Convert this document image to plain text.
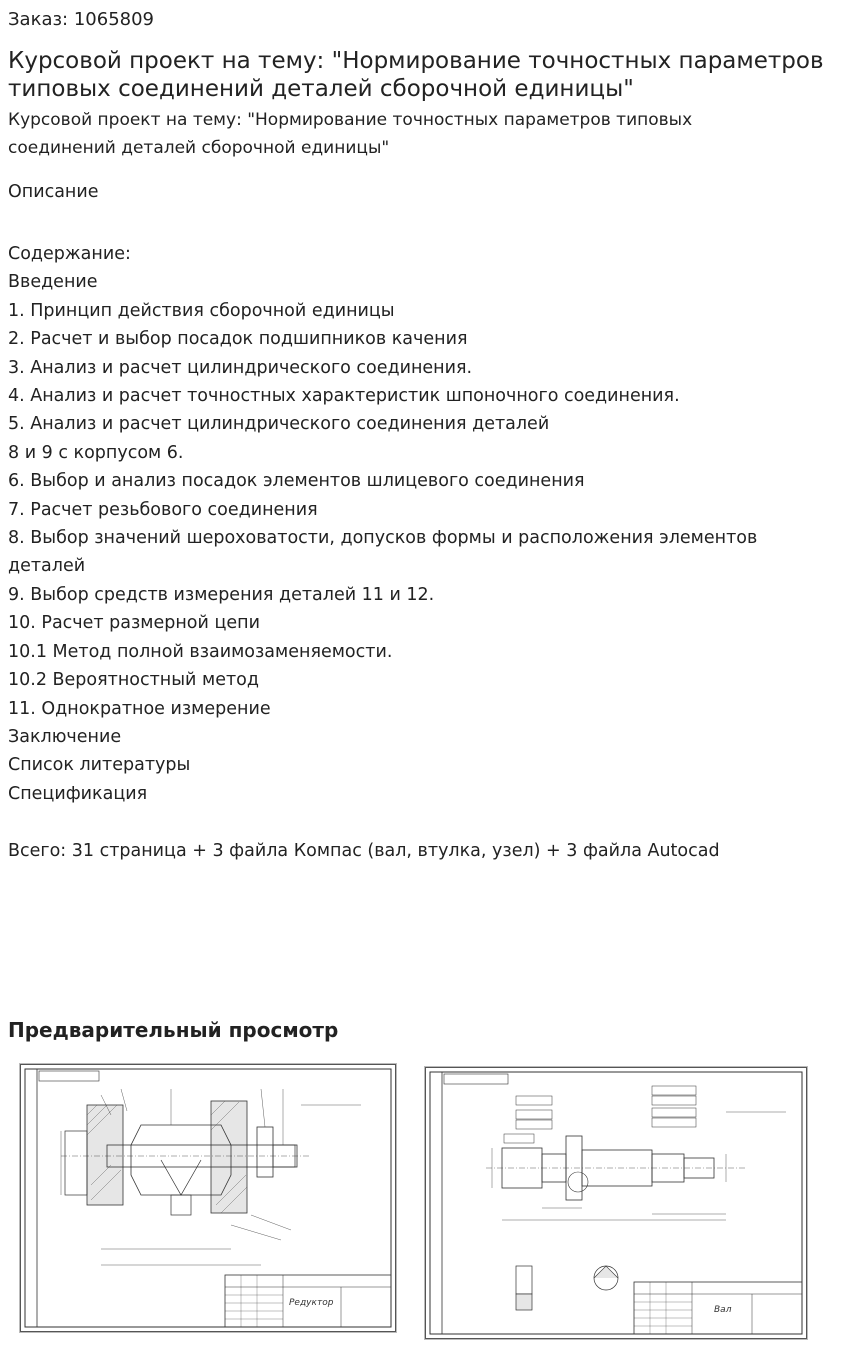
Заказ: 1065809
Курсовой проект на тему: "Нормирование точностных параметров типовых соединений деталей сборочной единицы"
Курсовой проект на тему: "Нормирование точностных параметров типовых
соединений деталей сборочной единицы"
Описание
Содержание:
Введение
1. Принцип действия сборочной единицы
2. Расчет и выбор посадок подшипников качения
3. Анализ и расчет цилиндрического соединения.
4. Анализ и расчет точностных характеристик шпоночного соединения.
5. Анализ и расчет цилиндрического соединения деталей
8 и 9 с корпусом 6.
6. Выбор и анализ посадок элементов шлицевого соединения
7. Расчет резьбового соединения
8. Выбор значений шероховатости, допусков формы и расположения элементов
деталей
9. Выбор средств измерения деталей 11 и 12.
10. Расчет размерной цепи
10.1 Метод полной взаимозаменяемости.
10.2 Вероятностный метод
11. Однократное измерение
Заключение
Список литературы
Спецификация
Всего: 31 страница + 3 файла Компас (вал, втулка, узел) + 3 файла Autocad
Предварительный просмотр
Редуктор
Вал
